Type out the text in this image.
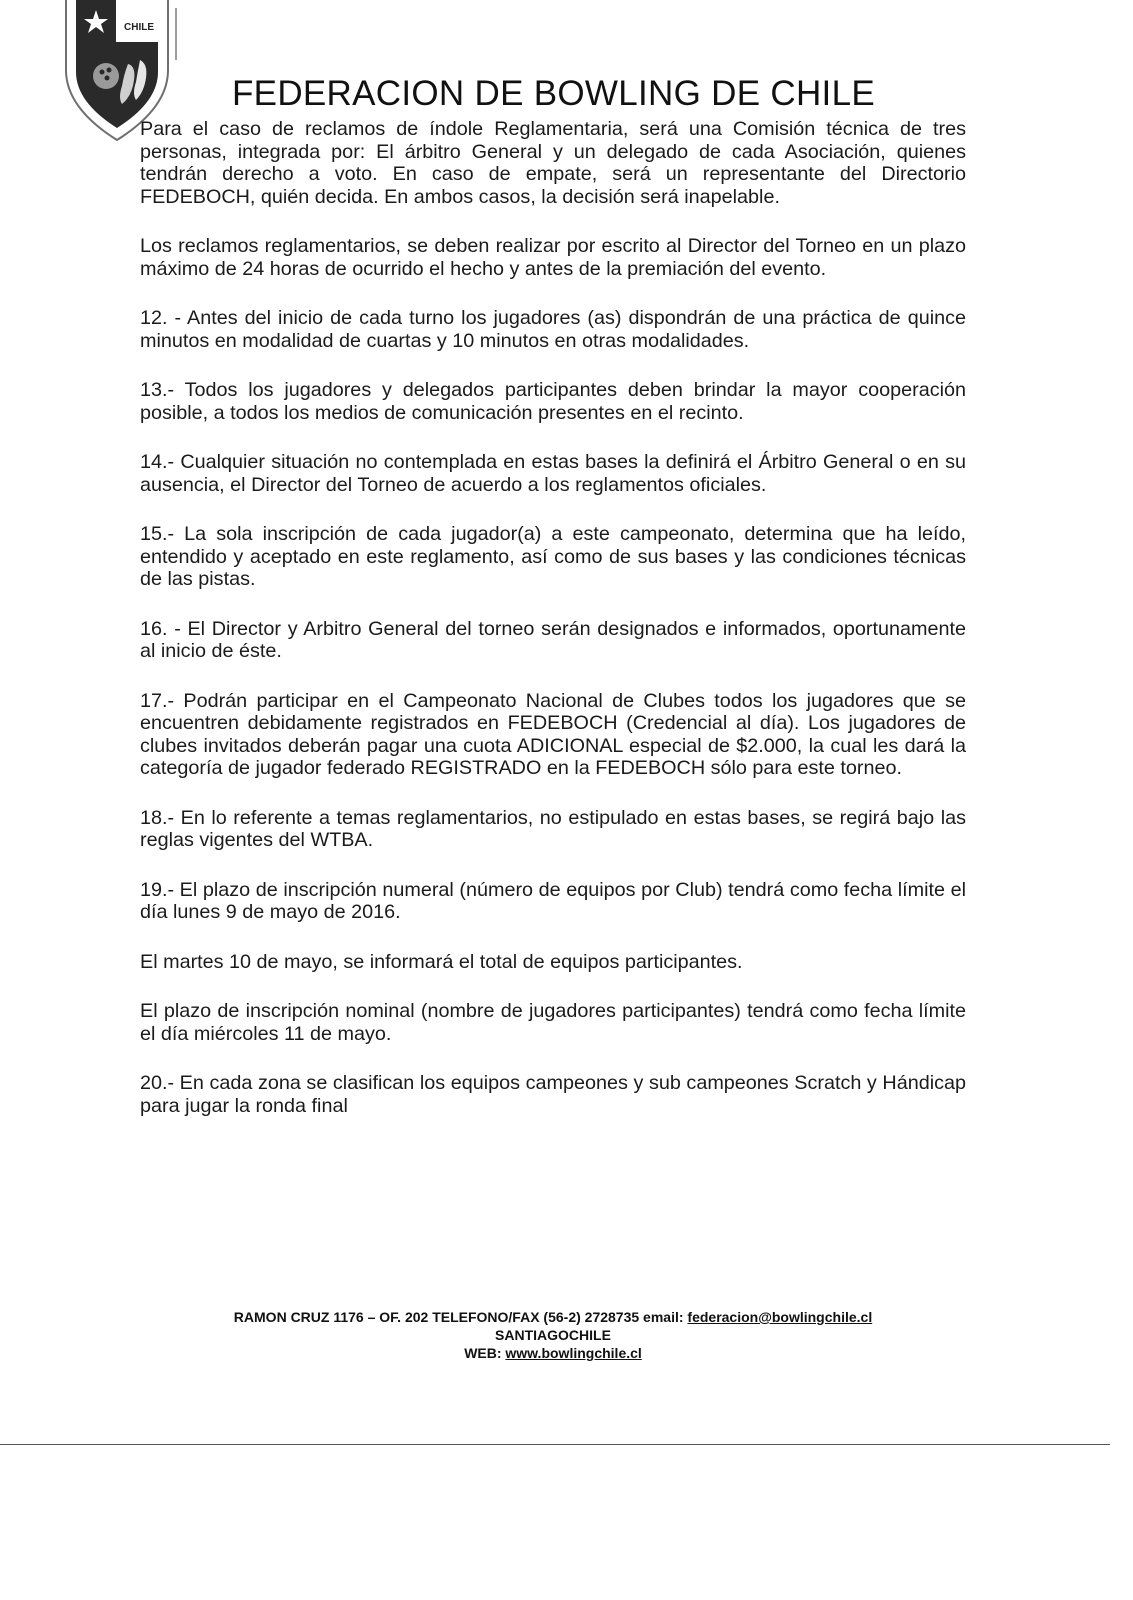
CHILE
FEDERACION DE BOWLING DE CHILE

Para el caso de reclamos de índole Reglamentaria, será una Comisión técnica de tres personas, integrada por: El árbitro General y un delegado de cada Asociación, quienes tendrán derecho a voto. En caso de empate, será un representante del Directorio FEDEBOCH, quién decida. En ambos casos, la decisión será inapelable.

Los reclamos reglamentarios, se deben realizar por escrito al Director del Torneo en un plazo máximo de 24 horas de ocurrido el hecho y antes de la premiación del evento.

12. - Antes del inicio de cada turno los jugadores (as) dispondrán de una práctica de quince minutos en modalidad de cuartas y 10 minutos en otras modalidades.

13.- Todos los jugadores y delegados participantes deben brindar la mayor cooperación posible, a todos los medios de comunicación presentes en el recinto.

14.- Cualquier situación no contemplada en estas bases la definirá el Árbitro General o en su ausencia, el Director del Torneo de acuerdo a los reglamentos oficiales.

15.- La sola inscripción de cada jugador(a) a este campeonato, determina que ha leído, entendido y aceptado en este reglamento, así como de sus bases y las condiciones técnicas de las pistas.

16. - El Director y Arbitro General del torneo serán designados e informados, oportunamente al inicio de éste.

17.- Podrán participar en el Campeonato Nacional de Clubes todos los jugadores que se encuentren debidamente registrados en FEDEBOCH (Credencial al día). Los jugadores de clubes invitados deberán pagar una cuota ADICIONAL especial de $2.000, la cual les dará la categoría de jugador federado REGISTRADO en la FEDEBOCH sólo para este torneo.

18.- En lo referente a temas reglamentarios, no estipulado en estas bases, se regirá bajo las reglas vigentes del WTBA.

19.- El plazo de inscripción numeral (número de equipos por Club) tendrá como fecha límite el día lunes 9 de mayo de 2016.

El martes 10 de mayo, se informará el total de equipos participantes.

El plazo de inscripción nominal (nombre de jugadores participantes) tendrá como fecha límite el día miércoles 11 de mayo.

20.- En cada zona se clasifican los equipos campeones y sub campeones Scratch y Hándicap para jugar la ronda final

RAMON CRUZ 1176 – OF. 202 TELEFONO/FAX (56-2) 2728735 email: federacion@bowlingchile.cl
SANTIAGOCHILE
WEB: www.bowlingchile.cl
